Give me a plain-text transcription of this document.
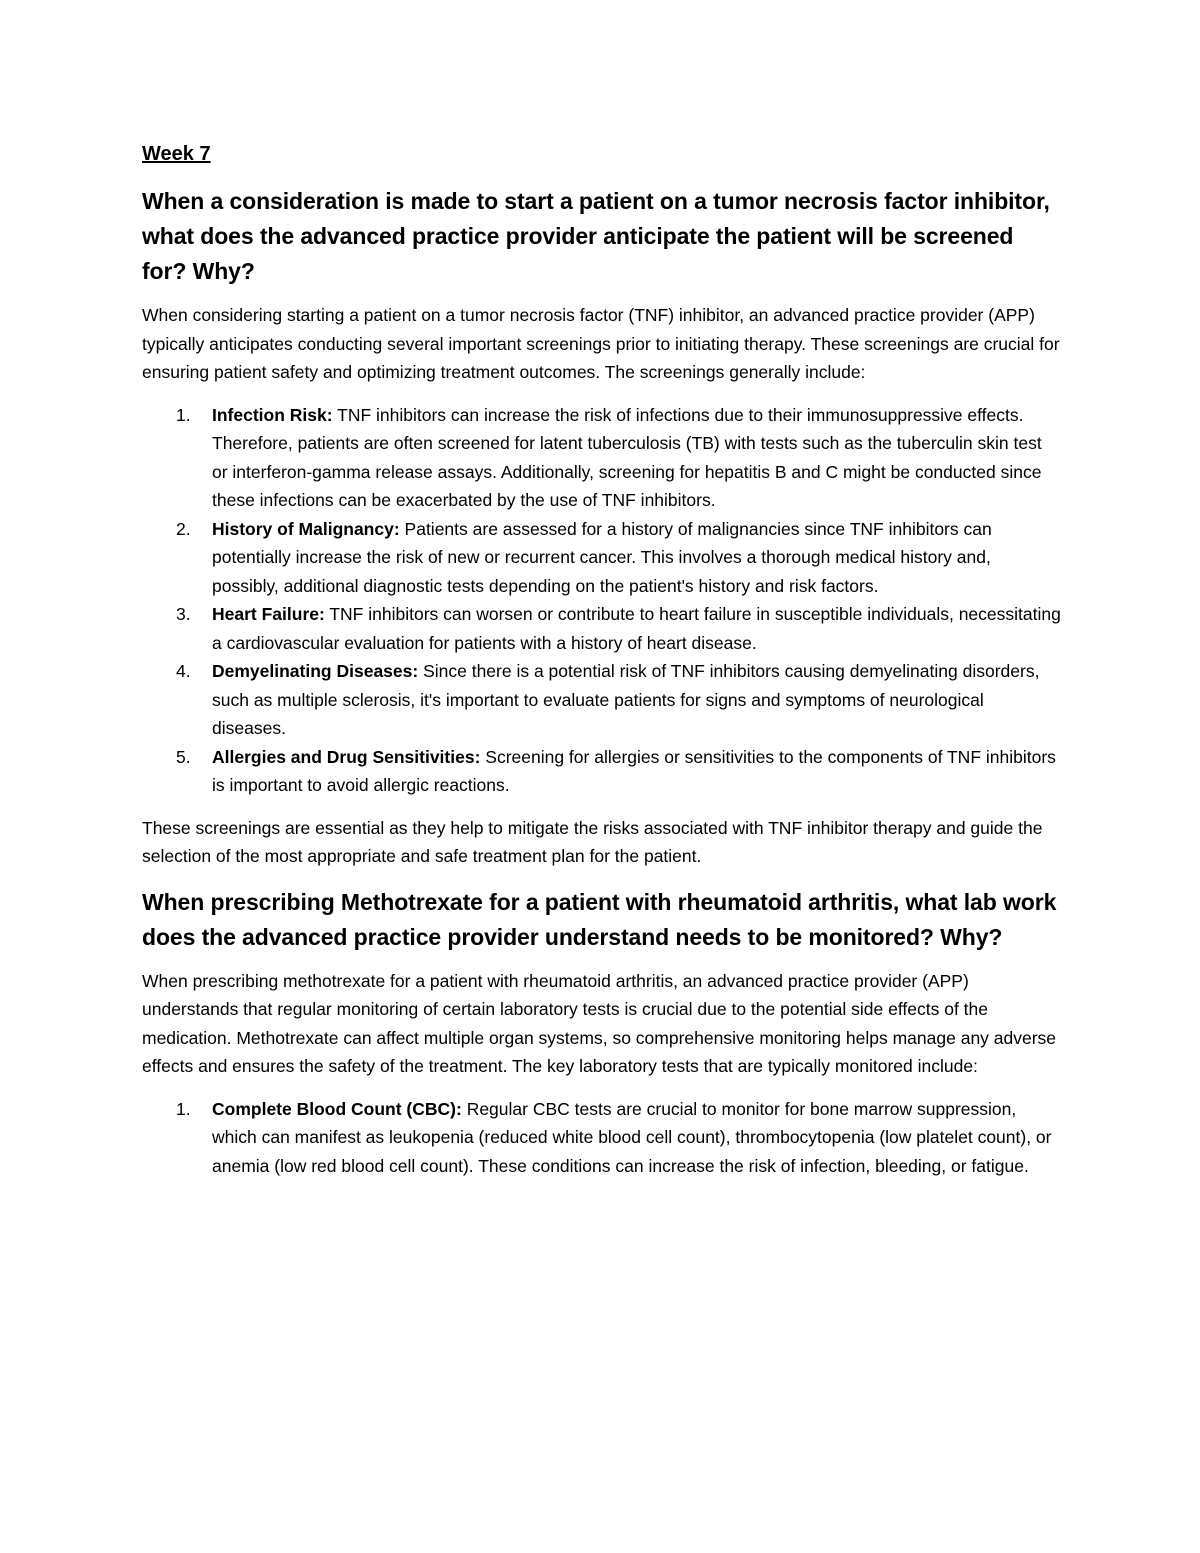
Week 7
When a consideration is made to start a patient on a tumor necrosis factor inhibitor, what does the advanced practice provider anticipate the patient will be screened for? Why?

When considering starting a patient on a tumor necrosis factor (TNF) inhibitor, an advanced practice provider (APP) typically anticipates conducting several important screenings prior to initiating therapy. These screenings are crucial for ensuring patient safety and optimizing treatment outcomes. The screenings generally include:

1. Infection Risk: TNF inhibitors can increase the risk of infections due to their immunosuppressive effects. Therefore, patients are often screened for latent tuberculosis (TB) with tests such as the tuberculin skin test or interferon-gamma release assays. Additionally, screening for hepatitis B and C might be conducted since these infections can be exacerbated by the use of TNF inhibitors.
2. History of Malignancy: Patients are assessed for a history of malignancies since TNF inhibitors can potentially increase the risk of new or recurrent cancer. This involves a thorough medical history and, possibly, additional diagnostic tests depending on the patient's history and risk factors.
3. Heart Failure: TNF inhibitors can worsen or contribute to heart failure in susceptible individuals, necessitating a cardiovascular evaluation for patients with a history of heart disease.
4. Demyelinating Diseases: Since there is a potential risk of TNF inhibitors causing demyelinating disorders, such as multiple sclerosis, it's important to evaluate patients for signs and symptoms of neurological diseases.
5. Allergies and Drug Sensitivities: Screening for allergies or sensitivities to the components of TNF inhibitors is important to avoid allergic reactions.

These screenings are essential as they help to mitigate the risks associated with TNF inhibitor therapy and guide the selection of the most appropriate and safe treatment plan for the patient.

When prescribing Methotrexate for a patient with rheumatoid arthritis, what lab work does the advanced practice provider understand needs to be monitored? Why?

When prescribing methotrexate for a patient with rheumatoid arthritis, an advanced practice provider (APP) understands that regular monitoring of certain laboratory tests is crucial due to the potential side effects of the medication. Methotrexate can affect multiple organ systems, so comprehensive monitoring helps manage any adverse effects and ensures the safety of the treatment. The key laboratory tests that are typically monitored include:

1. Complete Blood Count (CBC): Regular CBC tests are crucial to monitor for bone marrow suppression, which can manifest as leukopenia (reduced white blood cell count), thrombocytopenia (low platelet count), or anemia (low red blood cell count). These conditions can increase the risk of infection, bleeding, or fatigue.
